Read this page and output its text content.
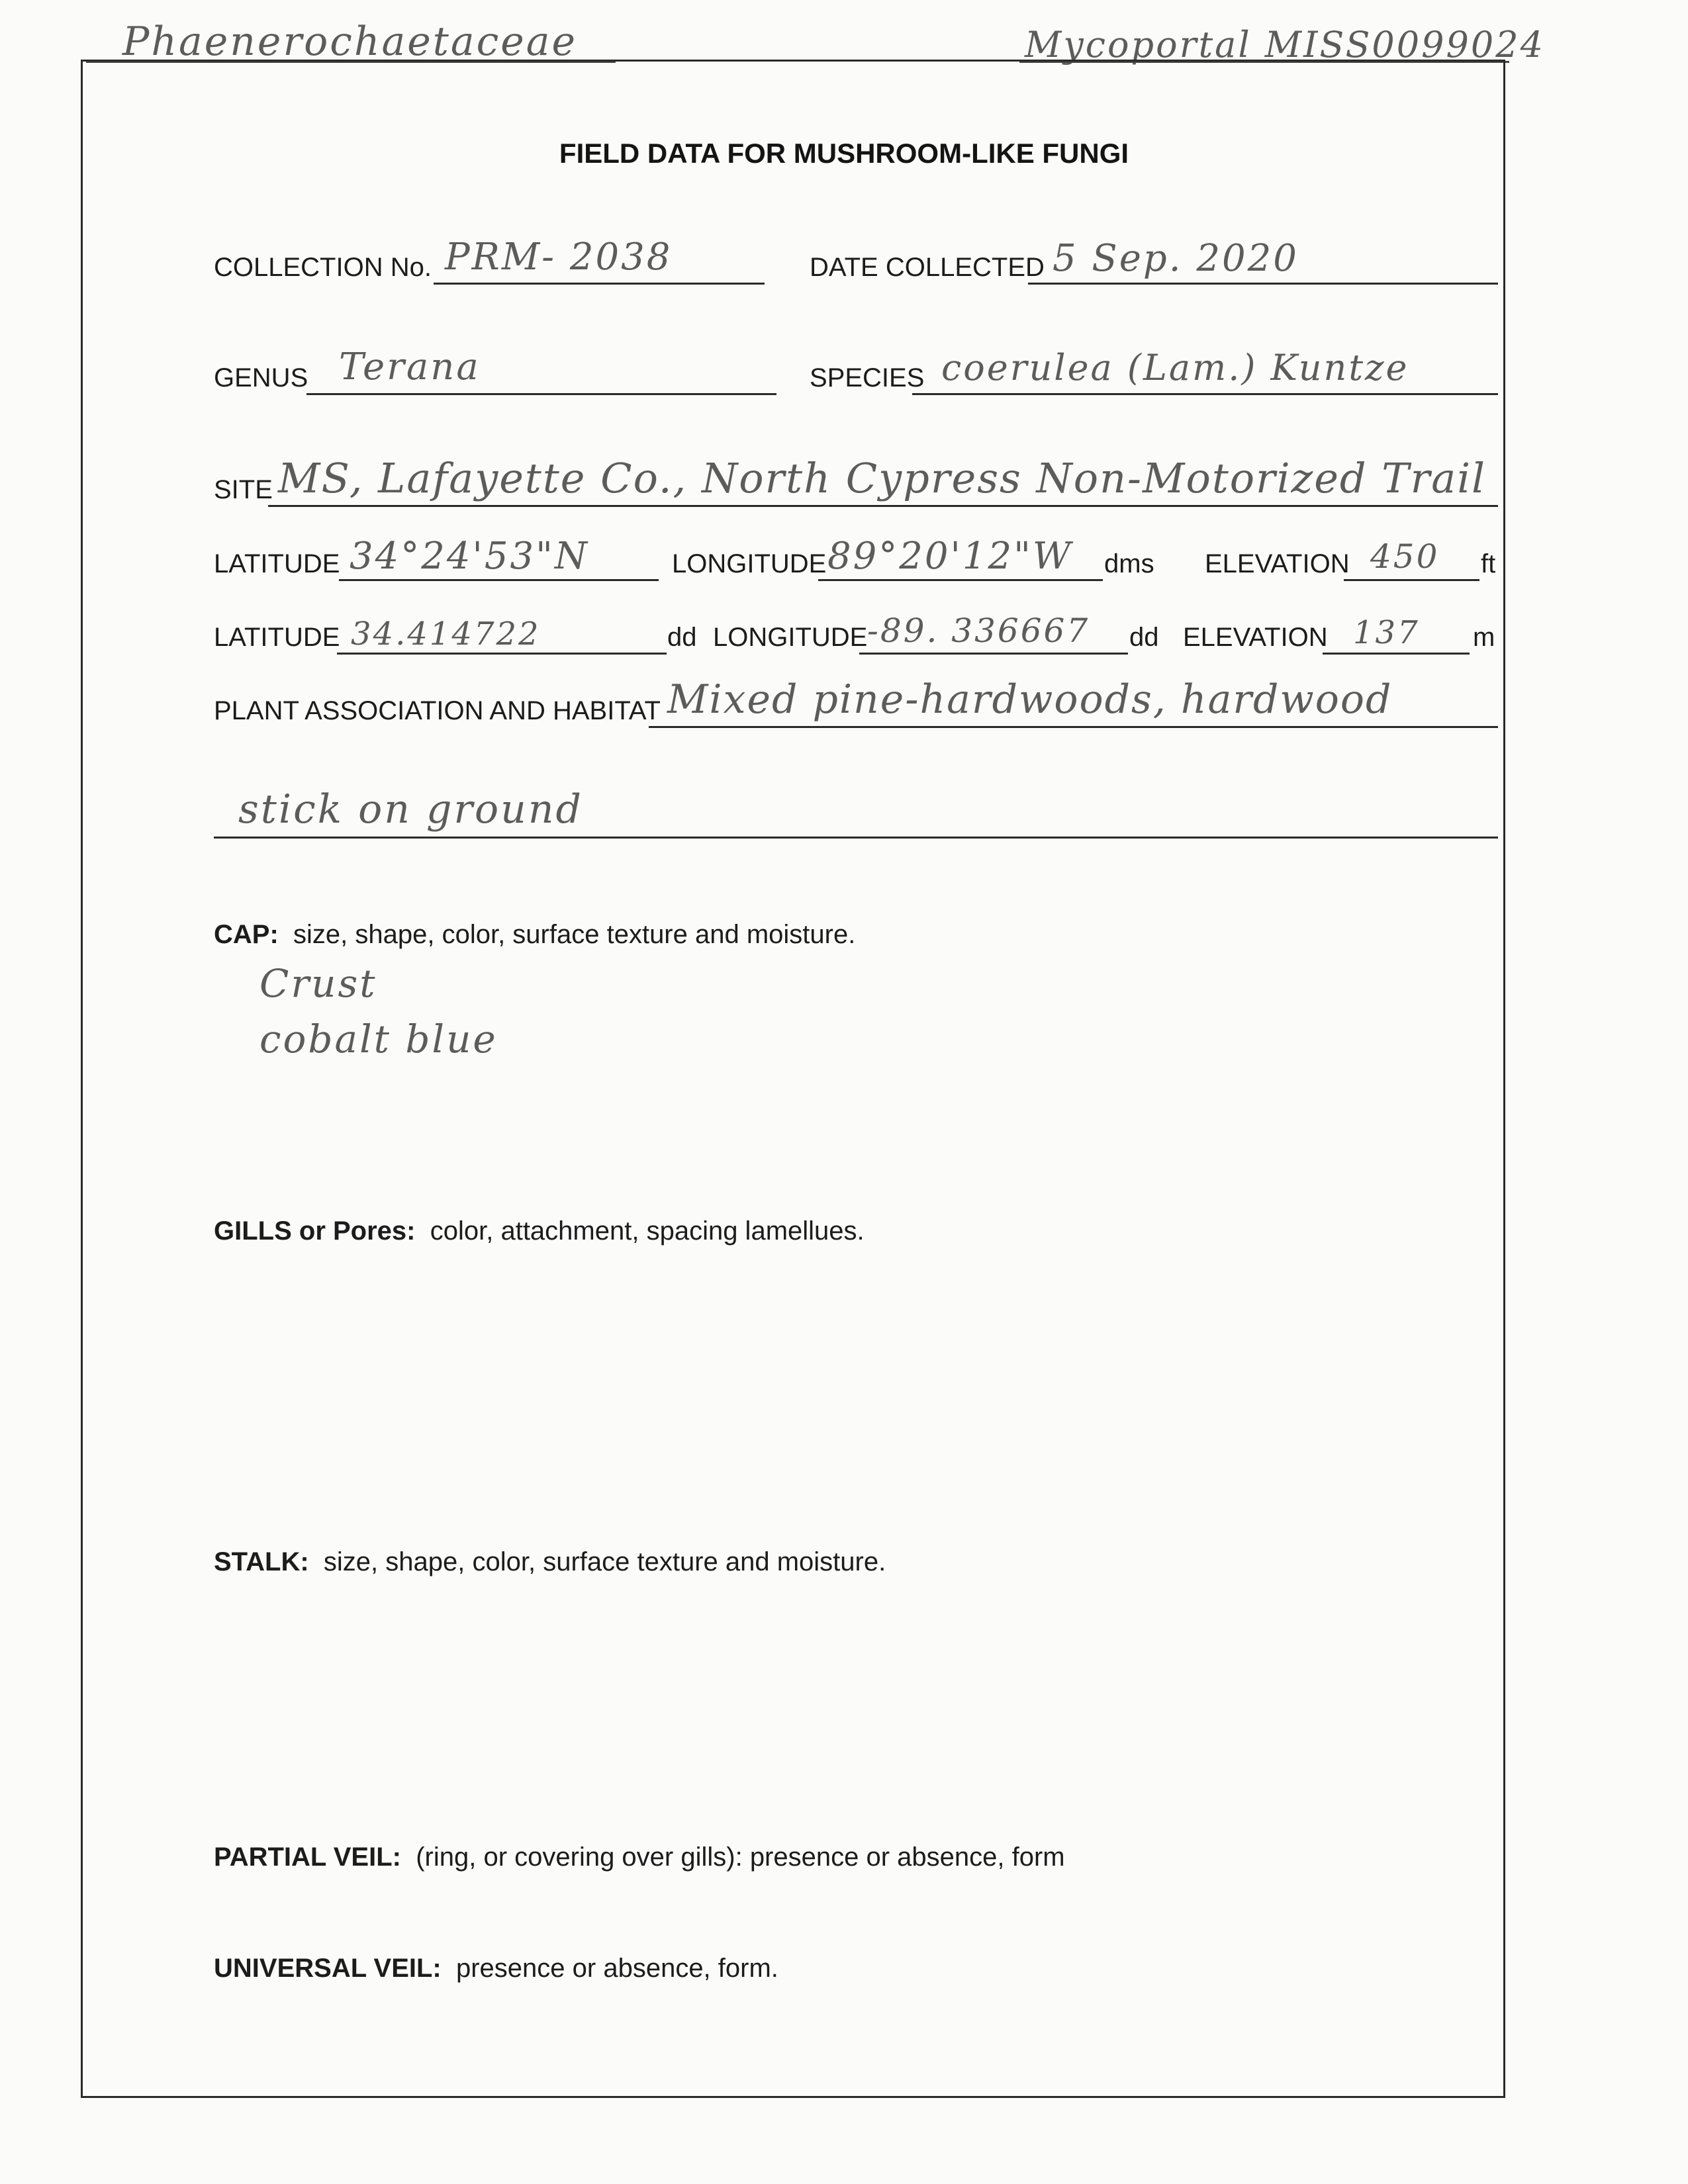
Phaenerochaetaceae	Mycoportal MISS0099024
FIELD DATA FOR MUSHROOM-LIKE FUNGI
COLLECTION No. PRM- 2038	DATE COLLECTED 5 Sep. 2020
GENUS Terana	SPECIES coerulea (Lam.) Kuntze
SITE MS, Lafayette Co., North Cypress Non-Motorized Trail
LATITUDE 34°24'53"N	LONGITUDE 89°20'12"W dms ELEVATION 450 ft
LATITUDE 34.414722	dd LONGITUDE -89. 336667 dd ELEVATION 137 m
PLANT ASSOCIATION AND HABITAT Mixed pine-hardwoods, hardwood
stick on ground
CAP: size, shape, color, surface texture and moisture.
Crust
cobalt blue
GILLS or Pores: color, attachment, spacing lamellues.
STALK: size, shape, color, surface texture and moisture.
PARTIAL VEIL: (ring, or covering over gills): presence or absence, form
UNIVERSAL VEIL: presence or absence, form.
